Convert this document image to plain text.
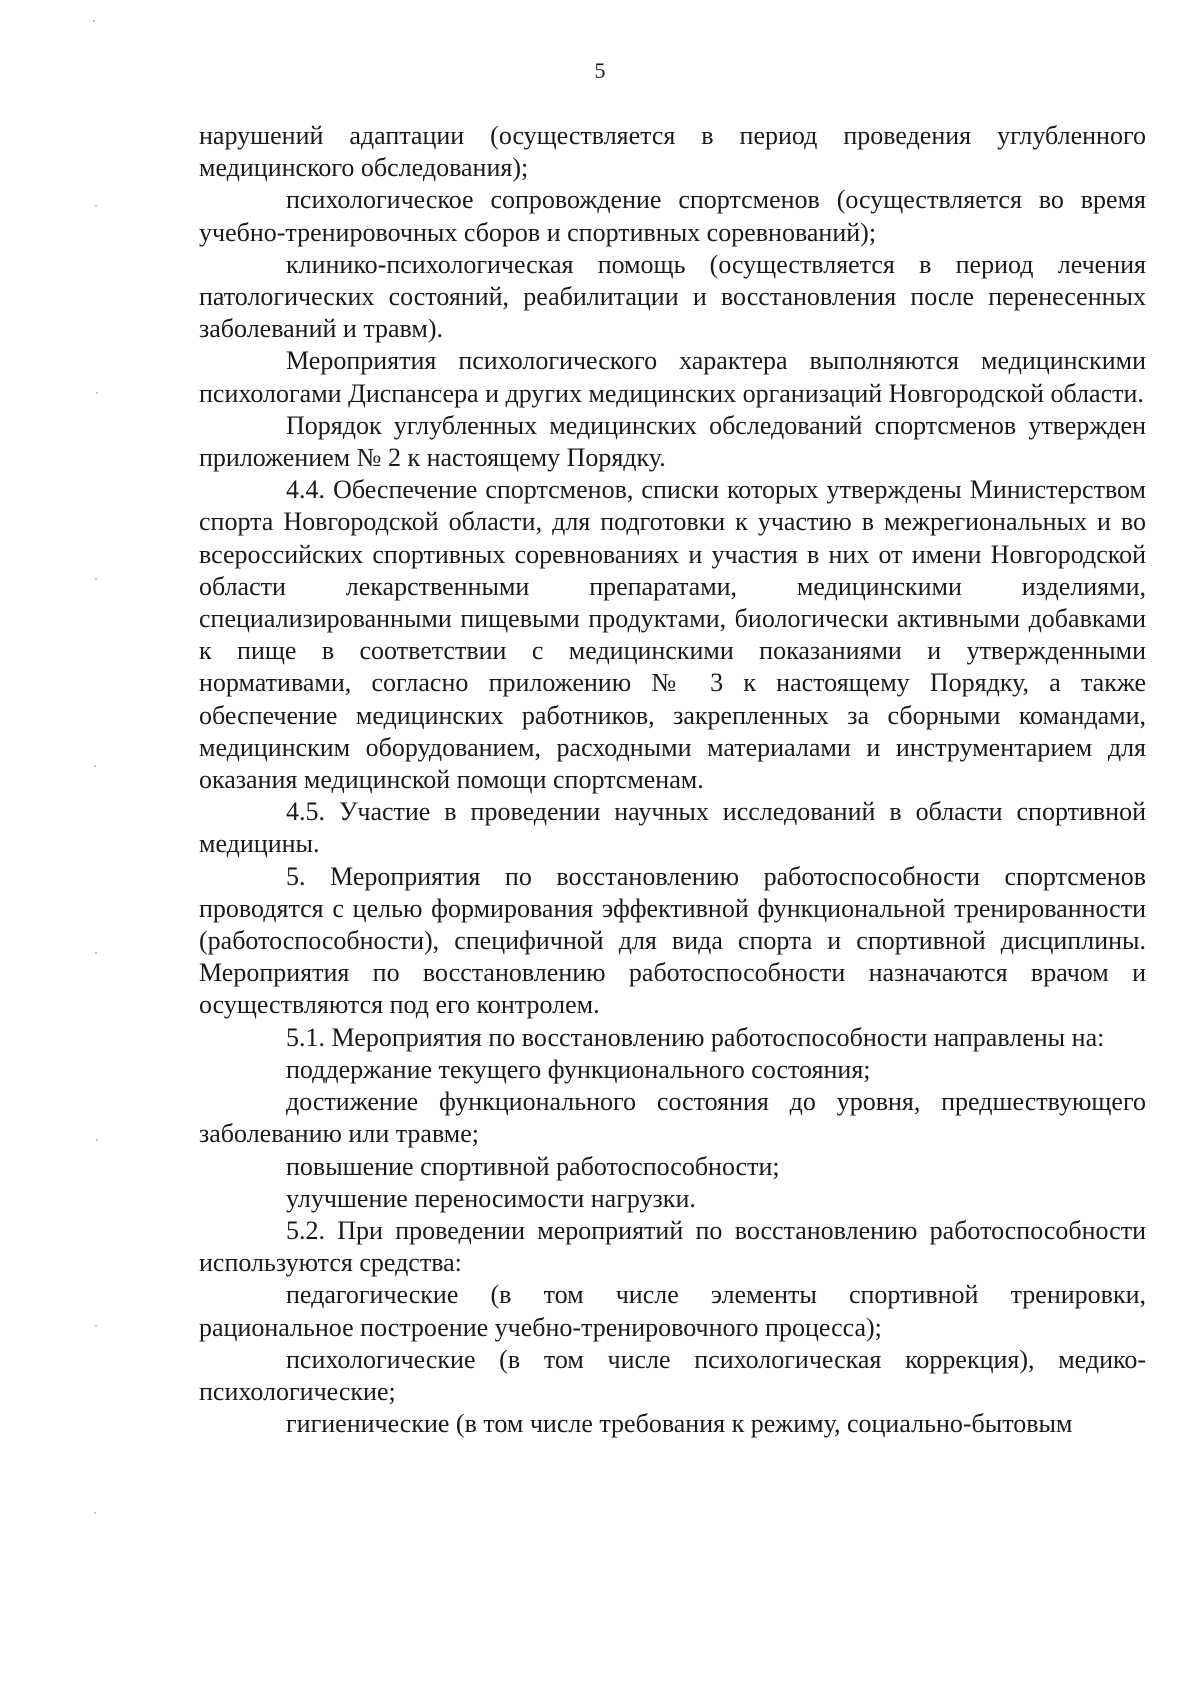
5

нарушений адаптации (осуществляется в период проведения углубленного медицинского обследования);

психологическое сопровождение спортсменов (осуществляется во время учебно-тренировочных сборов и спортивных соревнований);

клинико-психологическая помощь (осуществляется в период лечения патологических состояний, реабилитации и восстановления после перенесенных заболеваний и травм).

Мероприятия психологического характера выполняются медицинскими психологами Диспансера и других медицинских организаций Новгородской области.

Порядок углубленных медицинских обследований спортсменов утвержден приложением № 2 к настоящему Порядку.

4.4. Обеспечение спортсменов, списки которых утверждены Министерством спорта Новгородской области, для подготовки к участию в межрегиональных и во всероссийских спортивных соревнованиях и участия в них от имени Новгородской области лекарственными препаратами, медицинскими изделиями, специализированными пищевыми продуктами, биологически активными добавками к пище в соответствии с медицинскими показаниями и утвержденными нормативами, согласно приложению № 3 к настоящему Порядку, а также обеспечение медицинских работников, закрепленных за сборными командами, медицинским оборудованием, расходными материалами и инструментарием для оказания медицинской помощи спортсменам.

4.5. Участие в проведении научных исследований в области спортивной медицины.

5. Мероприятия по восстановлению работоспособности спортсменов проводятся с целью формирования эффективной функциональной тренированности (работоспособности), специфичной для вида спорта и спортивной дисциплины. Мероприятия по восстановлению работоспособности назначаются врачом и осуществляются под его контролем.

5.1. Мероприятия по восстановлению работоспособности направлены на:

поддержание текущего функционального состояния;

достижение функционального состояния до уровня, предшествующего заболеванию или травме;

повышение спортивной работоспособности;

улучшение переносимости нагрузки.

5.2. При проведении мероприятий по восстановлению работоспособности используются средства:

педагогические (в том числе элементы спортивной тренировки, рациональное построение учебно-тренировочного процесса);

психологические (в том числе психологическая коррекция), медико-психологические;

гигиенические (в том числе требования к режиму, социально-бытовым
